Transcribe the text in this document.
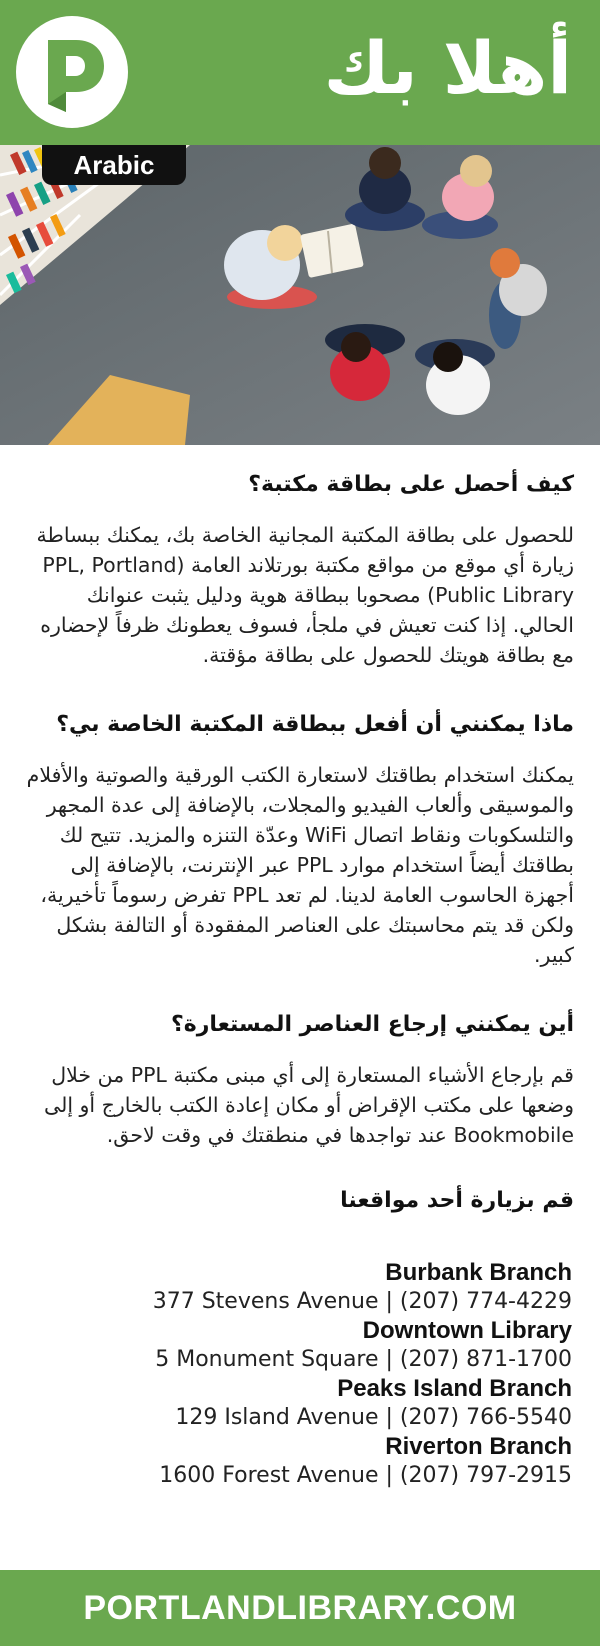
أهلا بك
Arabic
كيف أحصل على بطاقة مكتبة؟
للحصول على بطاقة المكتبة المجانية الخاصة بك، يمكنك ببساطة زيارة أي موقع من مواقع مكتبة بورتلاند العامة (PPL, Portland Public Library) مصحوبا ببطاقة هوية ودليل يثبت عنوانك الحالي. إذا كنت تعيش في ملجأ، فسوف يعطونك ظرفاً لإحضاره مع بطاقة هويتك للحصول على بطاقة مؤقتة.
ماذا يمكنني أن أفعل ببطاقة المكتبة الخاصة بي؟
يمكنك استخدام بطاقتك لاستعارة الكتب الورقية والصوتية والأفلام والموسيقى وألعاب الفيديو والمجلات، بالإضافة إلى عدة المجهر والتلسكوبات ونقاط اتصال WiFi وعدّة التنزه والمزيد. تتيح لك بطاقتك أيضاً استخدام موارد PPL عبر الإنترنت، بالإضافة إلى أجهزة الحاسوب العامة لدينا. لم تعد PPL تفرض رسوماً تأخيرية، ولكن قد يتم محاسبتك على العناصر المفقودة أو التالفة بشكل كبير.
أين يمكنني إرجاع العناصر المستعارة؟
قم بإرجاع الأشياء المستعارة إلى أي مبنى مكتبة PPL من خلال وضعها على مكتب الإقراض أو مكان إعادة الكتب بالخارج أو إلى Bookmobile عند تواجدها في منطقتك في وقت لاحق.
قم بزيارة أحد مواقعنا
Burbank Branch
377 Stevens Avenue | (207) 774-4229
Downtown Library
5 Monument Square | (207) 871-1700
Peaks Island Branch
129 Island Avenue | (207) 766-5540
Riverton Branch
1600 Forest Avenue | (207) 797-2915
PORTLANDLIBRARY.COM
